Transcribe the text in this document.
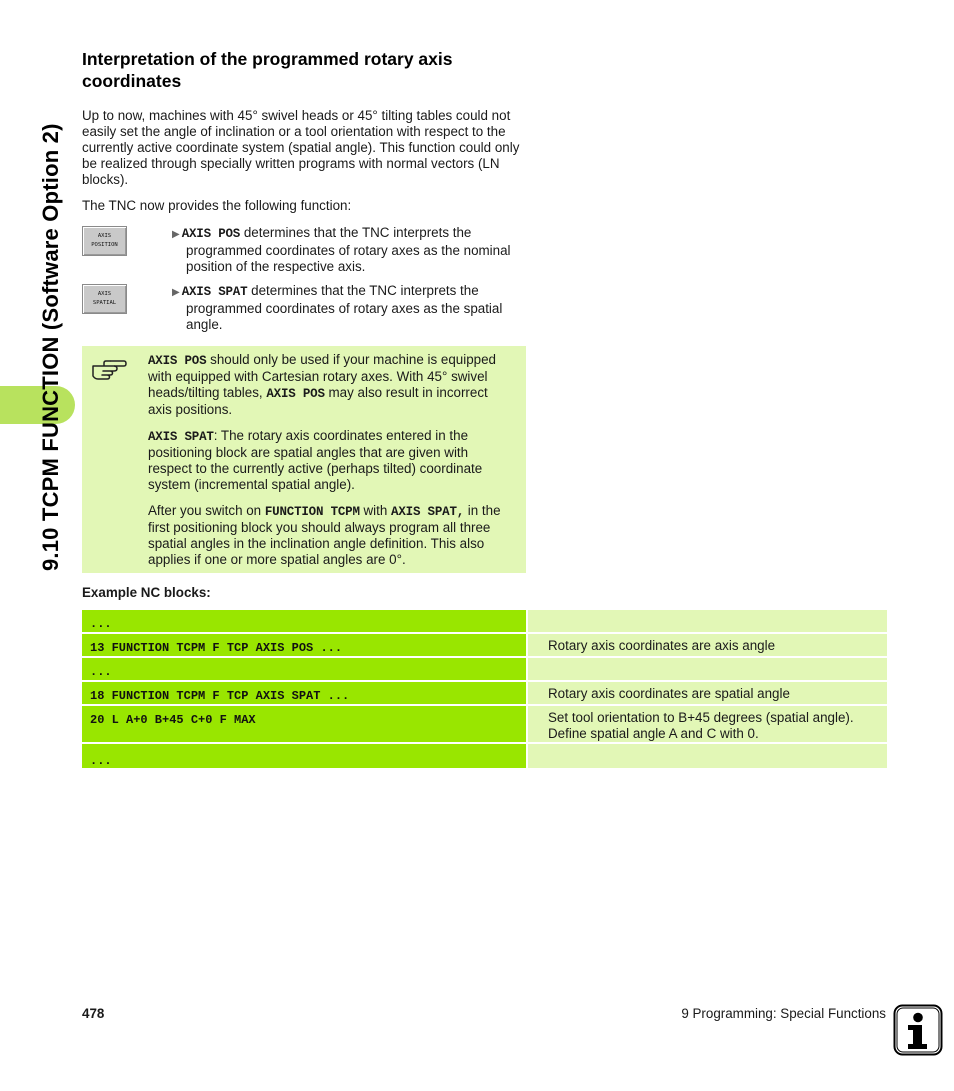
9.10 TCPM FUNCTION (Software Option 2)
Interpretation of the programmed rotary axis coordinates

Up to now, machines with 45° swivel heads or 45° tilting tables could not easily set the angle of inclination or a tool orientation with respect to the currently active coordinate system (spatial angle). This function could only be realized through specially written programs with normal vectors (LN blocks).

The TNC now provides the following function:

AXIS
POSITION
▶ AXIS POS determines that the TNC interprets the programmed coordinates of rotary axes as the nominal position of the respective axis.
AXIS
SPATIAL
▶ AXIS SPAT determines that the TNC interprets the programmed coordinates of rotary axes as the spatial angle.

AXIS POS should only be used if your machine is equipped with equipped with Cartesian rotary axes. With 45° swivel heads/tilting tables, AXIS POS may also result in incorrect axis positions.

AXIS SPAT: The rotary axis coordinates entered in the positioning block are spatial angles that are given with respect to the currently active (perhaps tilted) coordinate system (incremental spatial angle).

After you switch on FUNCTION TCPM with AXIS SPAT, in the first positioning block you should always program all three spatial angles in the inclination angle definition. This also applies if one or more spatial angles are 0°.

Example NC blocks:
...
13 FUNCTION TCPM F TCP AXIS POS ...	Rotary axis coordinates are axis angle
...
18 FUNCTION TCPM F TCP AXIS SPAT ...	Rotary axis coordinates are spatial angle
20 L A+0 B+45 C+0 F MAX	Set tool orientation to B+45 degrees (spatial angle). Define spatial angle A and C with 0.
...
478	9 Programming: Special Functions
